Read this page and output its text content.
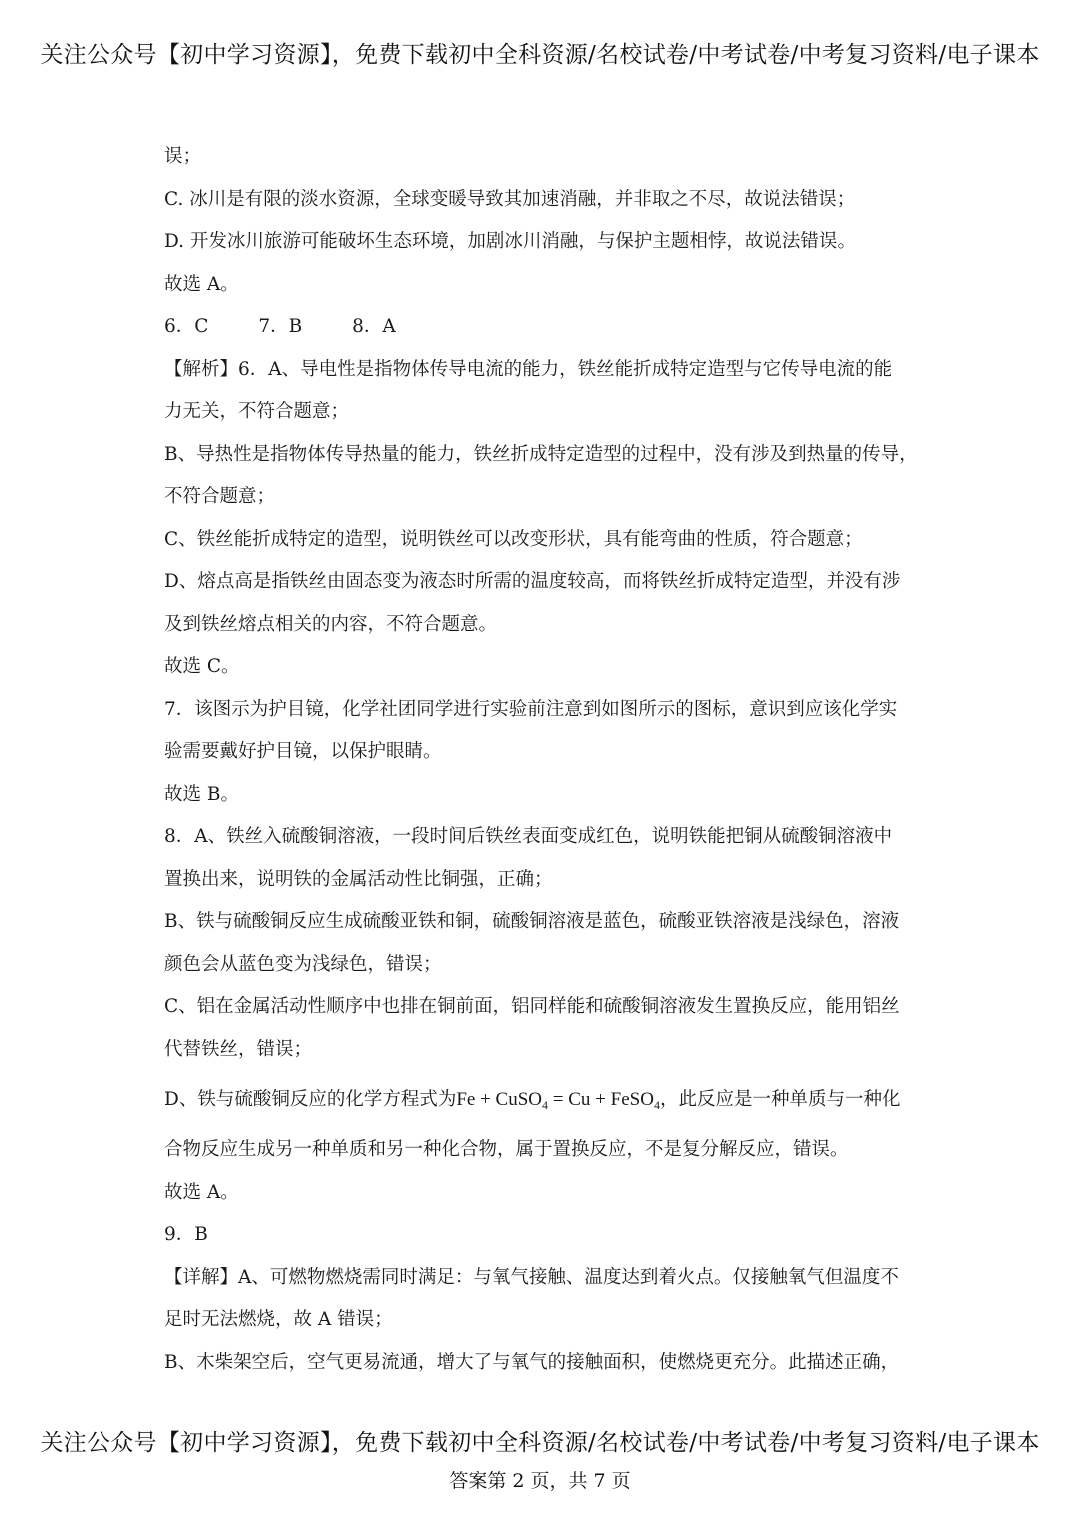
关注公众号【初中学习资源】，免费下载初中全科资源/名校试卷/中考试卷/中考复习资料/电子课本
误；
C. 冰川是有限的淡水资源，全球变暖导致其加速消融，并非取之不尽，故说法错误；
D. 开发冰川旅游可能破坏生态环境，加剧冰川消融，与保护主题相悖，故说法错误。
故选 A。
6．C	7．B	8．A
【解析】6．A、导电性是指物体传导电流的能力，铁丝能折成特定造型与它传导电流的能
力无关，不符合题意；
B、导热性是指物体传导热量的能力，铁丝折成特定造型的过程中，没有涉及到热量的传导，
不符合题意；
C、铁丝能折成特定的造型，说明铁丝可以改变形状，具有能弯曲的性质，符合题意；
D、熔点高是指铁丝由固态变为液态时所需的温度较高，而将铁丝折成特定造型，并没有涉
及到铁丝熔点相关的内容，不符合题意。
故选 C。
7．该图示为护目镜，化学社团同学进行实验前注意到如图所示的图标，意识到应该化学实
验需要戴好护目镜，以保护眼睛。
故选 B。
8．A、铁丝入硫酸铜溶液，一段时间后铁丝表面变成红色，说明铁能把铜从硫酸铜溶液中
置换出来，说明铁的金属活动性比铜强，正确；
B、铁与硫酸铜反应生成硫酸亚铁和铜，硫酸铜溶液是蓝色，硫酸亚铁溶液是浅绿色，溶液
颜色会从蓝色变为浅绿色，错误；
C、铝在金属活动性顺序中也排在铜前面，铝同样能和硫酸铜溶液发生置换反应，能用铝丝
代替铁丝，错误；
D、铁与硫酸铜反应的化学方程式为Fe + CuSO$_4$ = Cu + FeSO$_4$，此反应是一种单质与一种化
合物反应生成另一种单质和另一种化合物，属于置换反应，不是复分解反应，错误。
故选 A。
9．B
【详解】A、可燃物燃烧需同时满足：与氧气接触、温度达到着火点。仅接触氧气但温度不
足时无法燃烧，故 A 错误；
B、木柴架空后，空气更易流通，增大了与氧气的接触面积，使燃烧更充分。此描述正确，
关注公众号【初中学习资源】，免费下载初中全科资源/名校试卷/中考试卷/中考复习资料/电子课本
答案第 2 页，共 7 页
